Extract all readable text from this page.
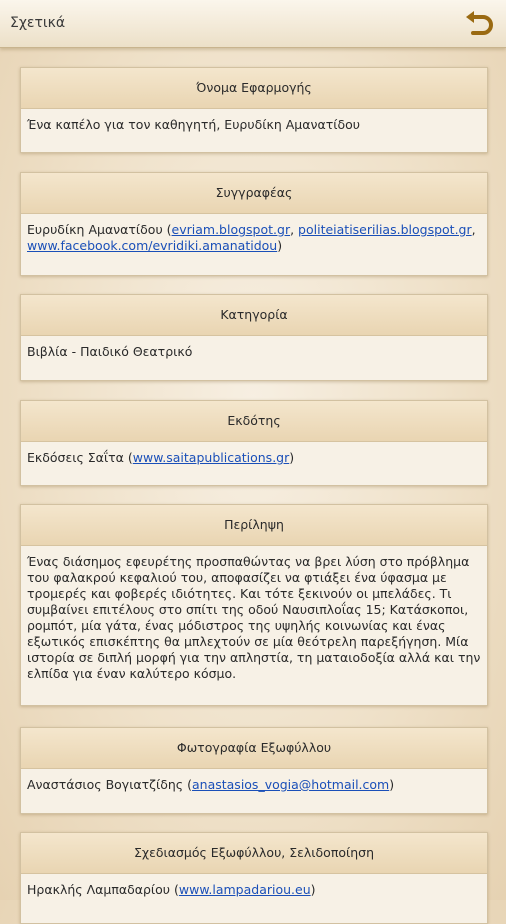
Σχετικά
Όνομα Εφαρμογής
Ένα καπέλο για τον καθηγητή, Ευρυδίκη Αμανατίδου
Συγγραφέας
Ευρυδίκη Αμανατίδου (evriam.blogspot.gr, politeiatiserilias.blogspot.gr,
www.facebook.com/evridiki.amanatidou)
Κατηγορία
Βιβλία - Παιδικό Θεατρικό
Εκδότης
Εκδόσεις Σαΐτα (www.saitapublications.gr)
Περίληψη
Ένας διάσημος εφευρέτης προσπαθώντας να βρει λύση στο πρόβλημα του φαλακρού κεφαλιού του, αποφασίζει να φτιάξει ένα ύφασμα με τρομερές και φοβερές ιδιότητες. Και τότε ξεκινούν οι μπελάδες. Τι συμβαίνει επιτέλους στο σπίτι της οδού Ναυσιπλοΐας 15; Κατάσκοποι, ρομπότ, μία γάτα, ένας μόδιστρος της υψηλής κοινωνίας και ένας εξωτικός επισκέπτης θα μπλεχτούν σε μία θεότρελη παρεξήγηση. Μία ιστορία σε διπλή μορφή για την απληστία, τη ματαιοδοξία αλλά και την ελπίδα για έναν καλύτερο κόσμο.
Φωτογραφία Εξωφύλλου
Αναστάσιος Βογιατζίδης (anastasios_vogia@hotmail.com)
Σχεδιασμός Εξωφύλλου, Σελιδοποίηση
Ηρακλής Λαμπαδαρίου (www.lampadariou.eu)
